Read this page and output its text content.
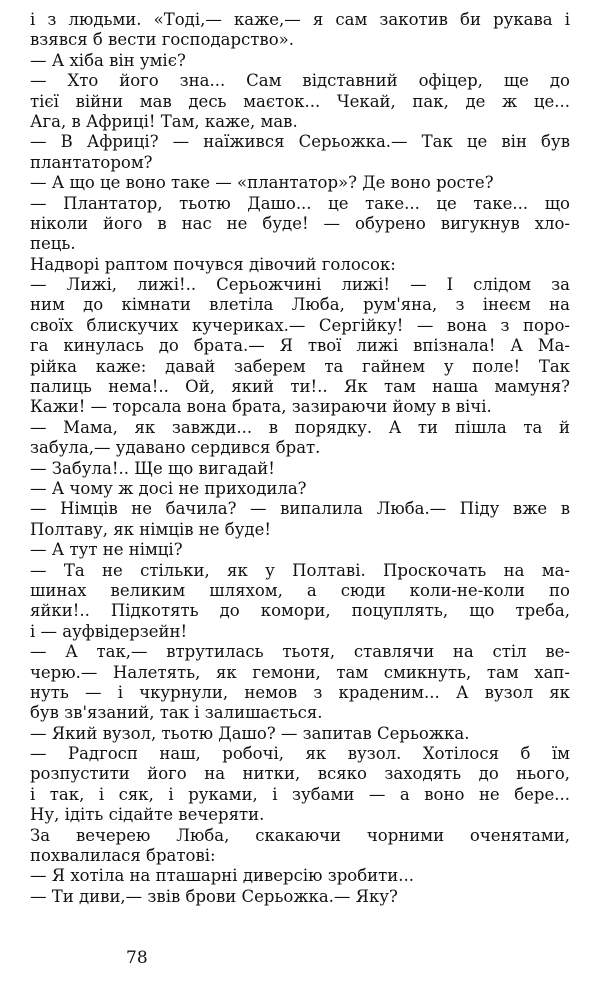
і з людьми. «Тоді,— каже,— я сам закотив би рукава і
взявся б вести господарство».
— А хіба він уміє?
— Хто його зна... Сам відставний офіцер, ще до
тієї війни мав десь маєток... Чекай, пак, де ж це...
Ага, в Африці! Там, каже, мав.
— В Африці? — наїжився Серьожка.— Так це він був
плантатором?
— А що це воно таке — «плантатор»? Де воно росте?
— Плантатор, тьотю Дашо... це таке... це таке... що
ніколи його в нас не буде! — обурено вигукнув хло-
пець.
Надворі раптом почувся дівочий голосок:
— Лижі, лижі!.. Серьожчині лижі! — І слідом за
ним до кімнати влетіла Люба, рум'яна, з інеєм на
своїх блискучих кучериках.— Сергійку! — вона з поро-
га кинулась до брата.— Я твої лижі впізнала! А Ма-
рійка каже: давай заберем та гайнем у поле! Так
палиць нема!.. Ой, який ти!.. Як там наша мамуня?
Кажи! — торсала вона брата, зазираючи йому в вічі.
— Мама, як завжди... в порядку. А ти пішла та й
забула,— удавано сердився брат.
— Забула!.. Ще що вигадай!
— А чому ж досі не приходила?
— Німців не бачила? — випалила Люба.— Піду вже в
Полтаву, як німців не буде!
— А тут не німці?
— Та не стільки, як у Полтаві. Проскочать на ма-
шинах великим шляхом, а сюди коли-не-коли по
яйки!.. Підкотять до комори, поцуплять, що треба,
і — ауфвідерзейн!
— А так,— втрутилась тьотя, ставлячи на стіл ве-
черю.— Налетять, як гемони, там смикнуть, там хап-
нуть — і чкурнули, немов з краденим... А вузол як
був зв'язаний, так і залишається.
— Який вузол, тьотю Дашо? — запитав Серьожка.
— Радгосп наш, робочі, як вузол. Хотілося б їм
розпустити його на нитки, всяко заходять до нього,
і так, і сяк, і руками, і зубами — а воно не бере...
Ну, ідіть сідайте вечеряти.
За вечерею Люба, скакаючи чорними оченятами,
похвалилася братові:
— Я хотіла на пташарні диверсію зробити...
— Ти диви,— звів брови Серьожка.— Яку?
78
